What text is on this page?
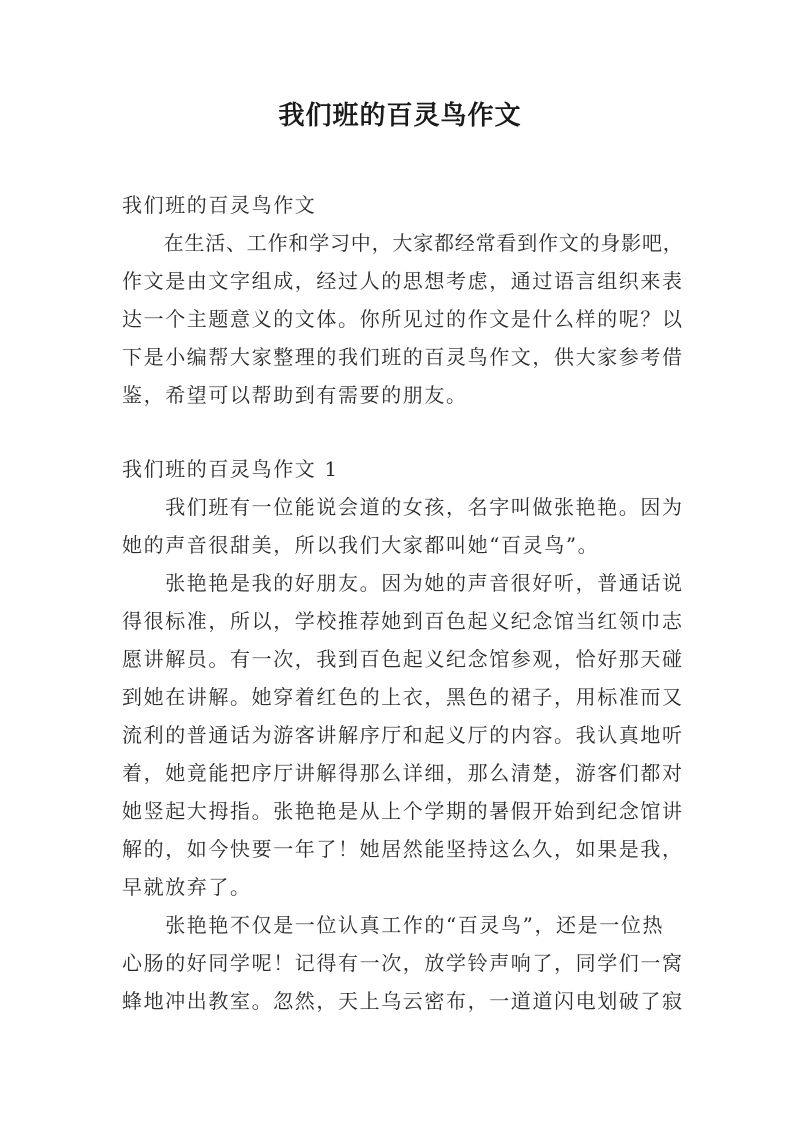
我们班的百灵鸟作文
我们班的百灵鸟作文
　　在生活、工作和学习中，大家都经常看到作文的身影吧，
作文是由文字组成，经过人的思想考虑，通过语言组织来表
达一个主题意义的文体。你所见过的作文是什么样的呢？以
下是小编帮大家整理的我们班的百灵鸟作文，供大家参考借
鉴，希望可以帮助到有需要的朋友。
我们班的百灵鸟作文 1
　　我们班有一位能说会道的女孩，名字叫做张艳艳。因为
她的声音很甜美，所以我们大家都叫她“百灵鸟”。
　　张艳艳是我的好朋友。因为她的声音很好听，普通话说
得很标准，所以，学校推荐她到百色起义纪念馆当红领巾志
愿讲解员。有一次，我到百色起义纪念馆参观，恰好那天碰
到她在讲解。她穿着红色的上衣，黑色的裙子，用标准而又
流利的普通话为游客讲解序厅和起义厅的内容。我认真地听
着，她竟能把序厅讲解得那么详细，那么清楚，游客们都对
她竖起大拇指。张艳艳是从上个学期的暑假开始到纪念馆讲
解的，如今快要一年了！她居然能坚持这么久，如果是我，
早就放弃了。
　　张艳艳不仅是一位认真工作的“百灵鸟”，还是一位热
心肠的好同学呢！记得有一次，放学铃声响了，同学们一窝
蜂地冲出教室。忽然，天上乌云密布，一道道闪电划破了寂
